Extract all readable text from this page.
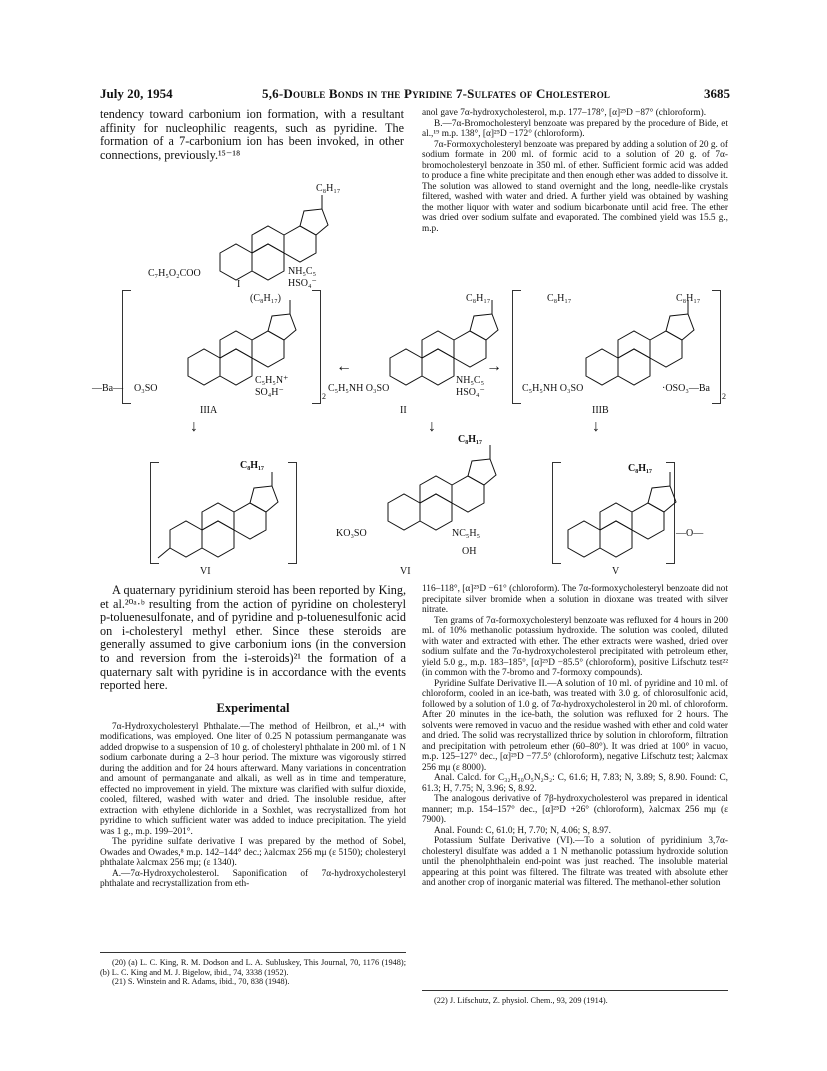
July 20, 1954	5,6-Double Bonds in the Pyridine 7-Sulfates of Cholesterol	3685

tendency toward carbonium ion formation, with a resultant affinity for nucleophilic reagents, such as pyridine. The formation of a 7-carbonium ion has been invoked, in other connections, previously.¹⁵⁻¹⁸

anol gave 7α-hydroxycholesterol, m.p. 177–178°, [α]²⁵D −87° (chloroform).

B.—7α-Bromocholesteryl benzoate was prepared by the procedure of Bide, et al.,¹⁹ m.p. 138°, [α]²⁵D −172° (chloroform).

7α-Formoxycholesteryl benzoate was prepared by adding a solution of 20 g. of sodium formate in 200 ml. of formic acid to a solution of 20 g. of 7α-bromocholesteryl benzoate in 350 ml. of ether. Sufficient formic acid was added to produce a fine white precipitate and then enough ether was added to dissolve it. The solution was allowed to stand overnight and the long, needle-like crystals filtered, washed with water and dried. A further yield was obtained by washing the mother liquor with water and sodium bicarbonate until acid free. The ether was dried over sodium sulfate and evaporated. The combined yield was 15.5 g., m.p.

C₈H₁₇
C₇H₅O₂COO	NH₅C₅
HSO₄⁻
I
(C₈H₁₇)
—Ba— O₃SO
C₅H₅N⁺
SO₄H⁻	2
IIIA
←	→
C₈H₁₇
C₅H₅NH O₃SO
NH₅C₅
HSO₄⁻
II
C₈H₁₇	C₈H₁₇
C₅H₅NH O₃SO	·OSO₃—Ba
2
IIIB
↓	↓	↓
C₈H₁₇
VI
C₈H₁₇
KO₃SO	NC₅H₅
OH
VI
C₈H₁₇
—O—
V

A quaternary pyridinium steroid has been reported by King, et al.²⁰ᵃ·ᵇ resulting from the action of pyridine on cholesteryl p-toluenesulfonate, and of pyridine and p-toluenesulfonic acid on i-cholesteryl methyl ether. Since these steroids are generally assumed to give carbonium ions (in the conversion to and reversion from the i-steroids)²¹ the formation of a quaternary salt with pyridine is in accordance with the events reported here.

Experimental

7α-Hydroxycholesteryl Phthalate.—The method of Heilbron, et al.,¹⁴ with modifications, was employed. One liter of 0.25 N potassium permanganate was added dropwise to a suspension of 10 g. of cholesteryl phthalate in 200 ml. of 1 N sodium carbonate during a 2–3 hour period. The mixture was vigorously stirred during the addition and for 24 hours afterward. Many variations in concentration and amount of permanganate and alkali, as well as in time and temperature, effected no improvement in yield. The mixture was clarified with sulfur dioxide, cooled, filtered, washed with water and dried. The insoluble residue, after extraction with ethylene dichloride in a Soxhlet, was recrystallized from hot pyridine to which sufficient water was added to induce precipitation. The yield was 1 g., m.p. 199–201°.

The pyridine sulfate derivative I was prepared by the method of Sobel, Owades and Owades,⁸ m.p. 142–144° dec.; λalcmax 256 mμ (ε 5150); cholesteryl phthalate λalcmax 256 mμ; (ε 1340).

A.—7α-Hydroxycholesterol. Saponification of 7α-hydroxycholesteryl phthalate and recrystallization from eth-

(20) (a) L. C. King, R. M. Dodson and L. A. Subluskey, This Journal, 70, 1176 (1948); (b) L. C. King and M. J. Bigelow, ibid., 74, 3338 (1952).

(21) S. Winstein and R. Adams, ibid., 70, 838 (1948).

116–118°, [α]²⁵D −61° (chloroform). The 7α-formoxycholesteryl benzoate did not precipitate silver bromide when a solution in dioxane was treated with silver nitrate.

Ten grams of 7α-formoxycholesteryl benzoate was refluxed for 4 hours in 200 ml. of 10% methanolic potassium hydroxide. The solution was cooled, diluted with water and extracted with ether. The ether extracts were washed, dried over sodium sulfate and the 7α-hydroxycholesterol precipitated with petroleum ether, yield 5.0 g., m.p. 183–185°, [α]²⁵D −85.5° (chloroform), positive Lifschutz test²² (in common with the 7-bromo and 7-formoxy compounds).

Pyridine Sulfate Derivative II.—A solution of 10 ml. of pyridine and 10 ml. of chloroform, cooled in an ice-bath, was treated with 3.0 g. of chlorosulfonic acid, followed by a solution of 1.0 g. of 7α-hydroxycholesterol in 20 ml. of chloroform. After 20 minutes in the ice-bath, the solution was refluxed for 2 hours. The solvents were removed in vacuo and the residue washed with ether and cold water and dried. The solid was recrystallized thrice by solution in chloroform, filtration and precipitation with petroleum ether (60–80°). It was dried at 100° in vacuo, m.p. 125–127° dec., [α]²⁵D −77.5° (chloroform), negative Lifschutz test; λalcmax 256 mμ (ε 8000).

Anal. Calcd. for C₃₂H₅₀O₅N₂S₂: C, 61.6; H, 7.83; N, 3.89; S, 8.90. Found: C, 61.3; H, 7.75; N, 3.96; S, 8.92.

The analogous derivative of 7β-hydroxycholesterol was prepared in identical manner; m.p. 154–157° dec., [α]²⁵D +26° (chloroform), λalcmax 256 mμ (ε 7900).

Anal. Found: C, 61.0; H, 7.70; N, 4.06; S, 8.97.

Potassium Sulfate Derivative (VI).—To a solution of pyridinium 3,7α-cholesteryl disulfate was added a 1 N methanolic potassium hydroxide solution until the phenolphthalein end-point was just reached. The insoluble material appearing at this point was filtered. The filtrate was treated with absolute ether and another crop of inorganic material was filtered. The methanol-ether solution

(22) J. Lifschutz, Z. physiol. Chem., 93, 209 (1914).
